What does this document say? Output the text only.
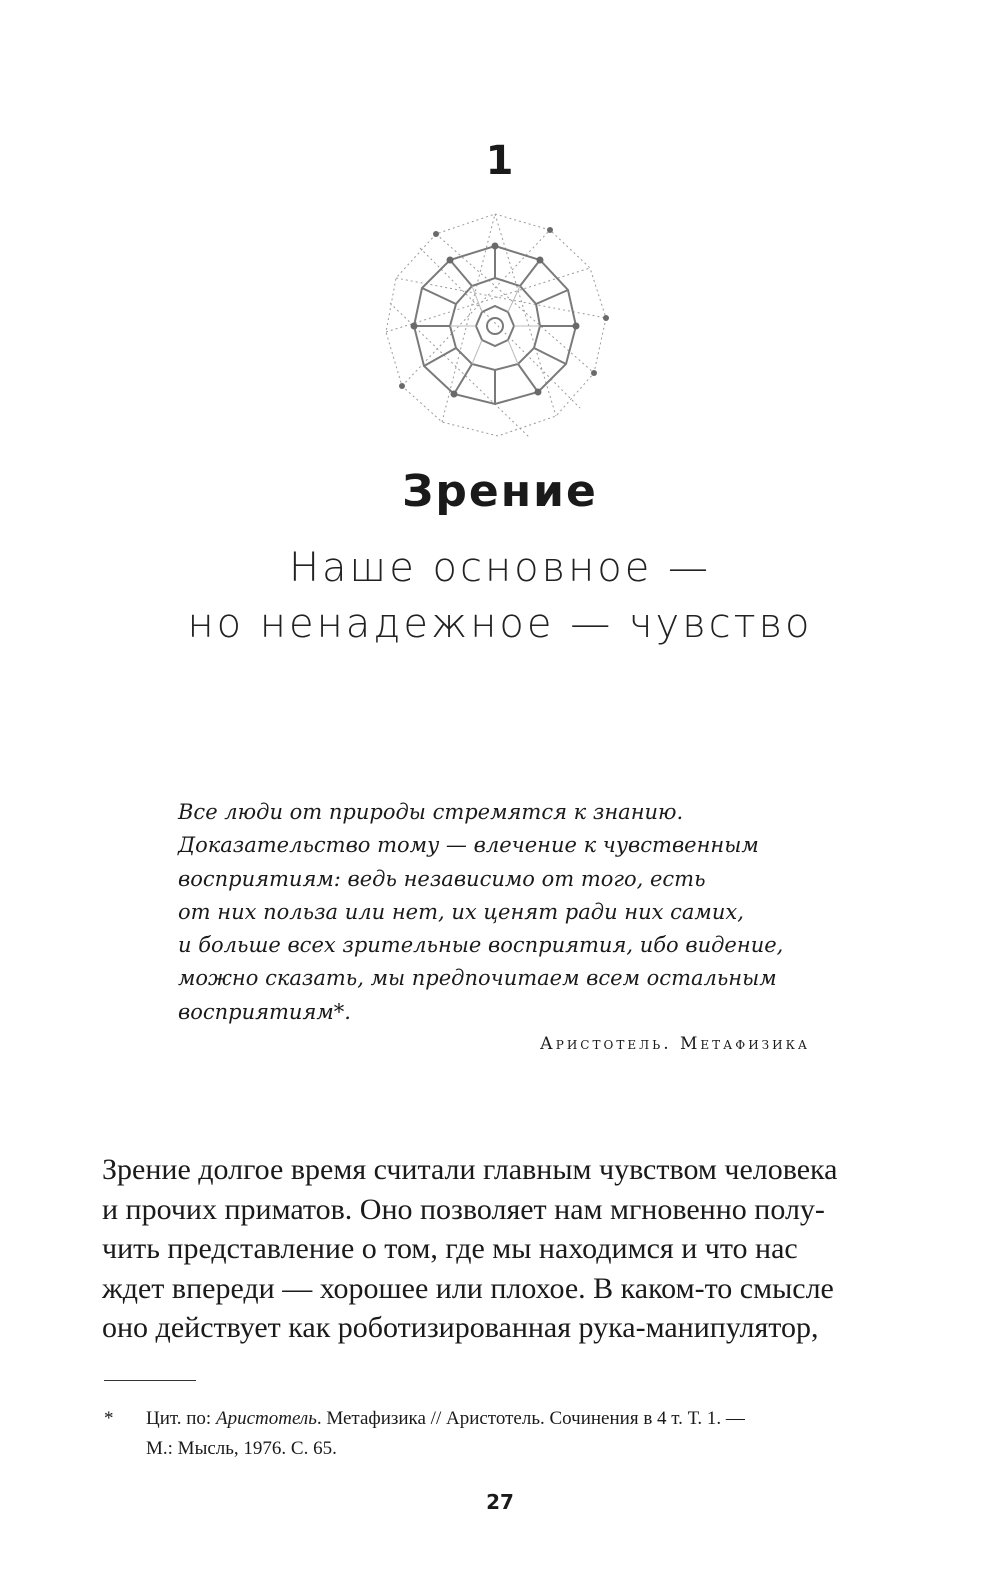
1
Зрение
Наше основное —
но ненадежное — чувство
Все люди от природы стремятся к знанию.
Доказательство тому — влечение к чувственным
восприятиям: ведь независимо от того, есть
от них польза или нет, их ценят ради них самих,
и больше всех зрительные восприятия, ибо видение,
можно сказать, мы предпочитаем всем остальным
восприятиям*.
Аристотель. Метафизика
Зрение долгое время считали главным чувством человека
и прочих приматов. Оно позволяет нам мгновенно полу-
чить представление о том, где мы находимся и что нас
ждет впереди — хорошее или плохое. В каком-то смысле
оно действует как роботизированная рука-манипулятор,
* Цит. по: Аристотель. Метафизика // Аристотель. Сочинения в 4 т. Т. 1. —
М.: Мысль, 1976. С. 65.
27
